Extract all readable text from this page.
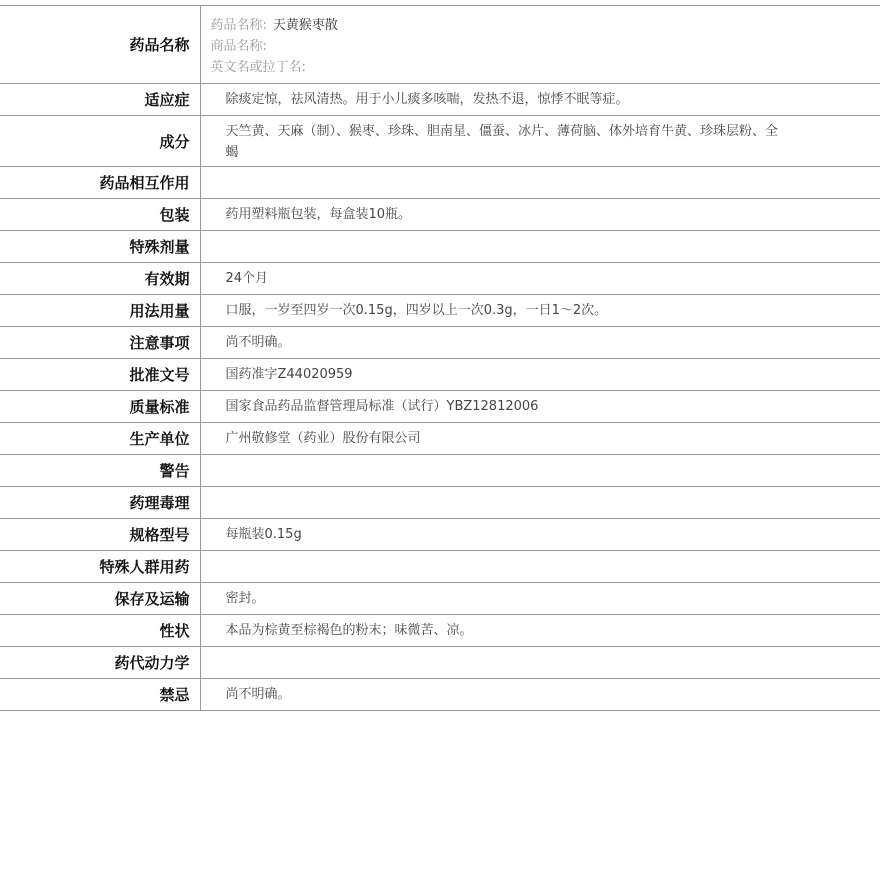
药品名称	药品名称: 天黄猴枣散
商品名称:
英文名或拉丁名:

适应症	除痰定惊，祛风清热。用于小儿痰多咳喘，发热不退，惊悸不眠等症。
成分	天竺黄、天麻（制）、猴枣、珍珠、胆南星、僵蚕、冰片、薄荷脑、体外培育牛黄、珍珠层粉、全蝎
药品相互作用	
包装	药用塑料瓶包装，每盒装10瓶。
特殊剂量	
有效期	24个月
用法用量	口服，一岁至四岁一次0.15g，四岁以上一次0.3g，一日1～2次。
注意事项	尚不明确。
批准文号	国药准字Z44020959
质量标准	国家食品药品监督管理局标准（试行）YBZ12812006
生产单位	广州敬修堂（药业）股份有限公司
警告	
药理毒理	
规格型号	每瓶装0.15g
特殊人群用药	
保存及运输	密封。
性状	本品为棕黄至棕褐色的粉末；味微苦、凉。
药代动力学	
禁忌	尚不明确。
